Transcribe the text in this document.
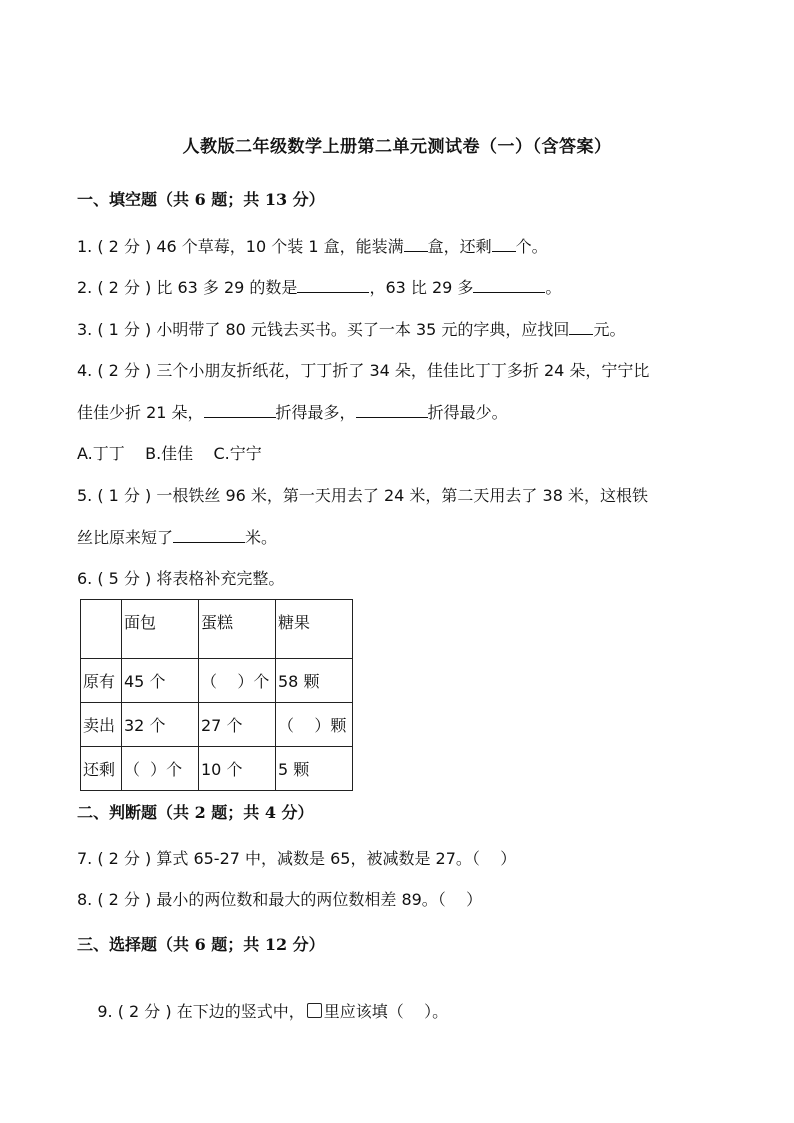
人教版二年级数学上册第二单元测试卷（一）（含答案）
一、填空题（共 6 题；共 13 分）
1. ( 2 分 ) 46 个草莓，10 个装 1 盒，能装满 盒，还剩 个。
2. ( 2 分 ) 比 63 多 29 的数是	，63 比 29 多	。
3. ( 1 分 ) 小明带了 80 元钱去买书。买了一本 35 元的字典，应找回 元。
4. ( 2 分 ) 三个小朋友折纸花，丁丁折了 34 朵，佳佳比丁丁多折 24 朵，宁宁比
佳佳少折 21 朵，	折得最多，	折得最少。
A.丁丁    B.佳佳    C.宁宁
5. ( 1 分 ) 一根铁丝 96 米，第一天用去了 24 米，第二天用去了 38 米，这根铁
丝比原来短了	米。
6. ( 5 分 ) 将表格补充完整。
	面包	蛋糕	糖果
原有	45 个	（    ）个	58 颗
卖出	32 个	27 个	（    ）颗
还剩	（  ）个	10 个	5 颗
二、判断题（共 2 题；共 4 分）
7. ( 2 分 ) 算式 65-27 中，减数是 65，被减数是 27。（    ）
8. ( 2 分 ) 最小的两位数和最大的两位数相差 89。（    ）
三、选择题（共 6 题；共 12 分）

9. ( 2 分 ) 在下边的竖式中， 里应该填（    ）。
